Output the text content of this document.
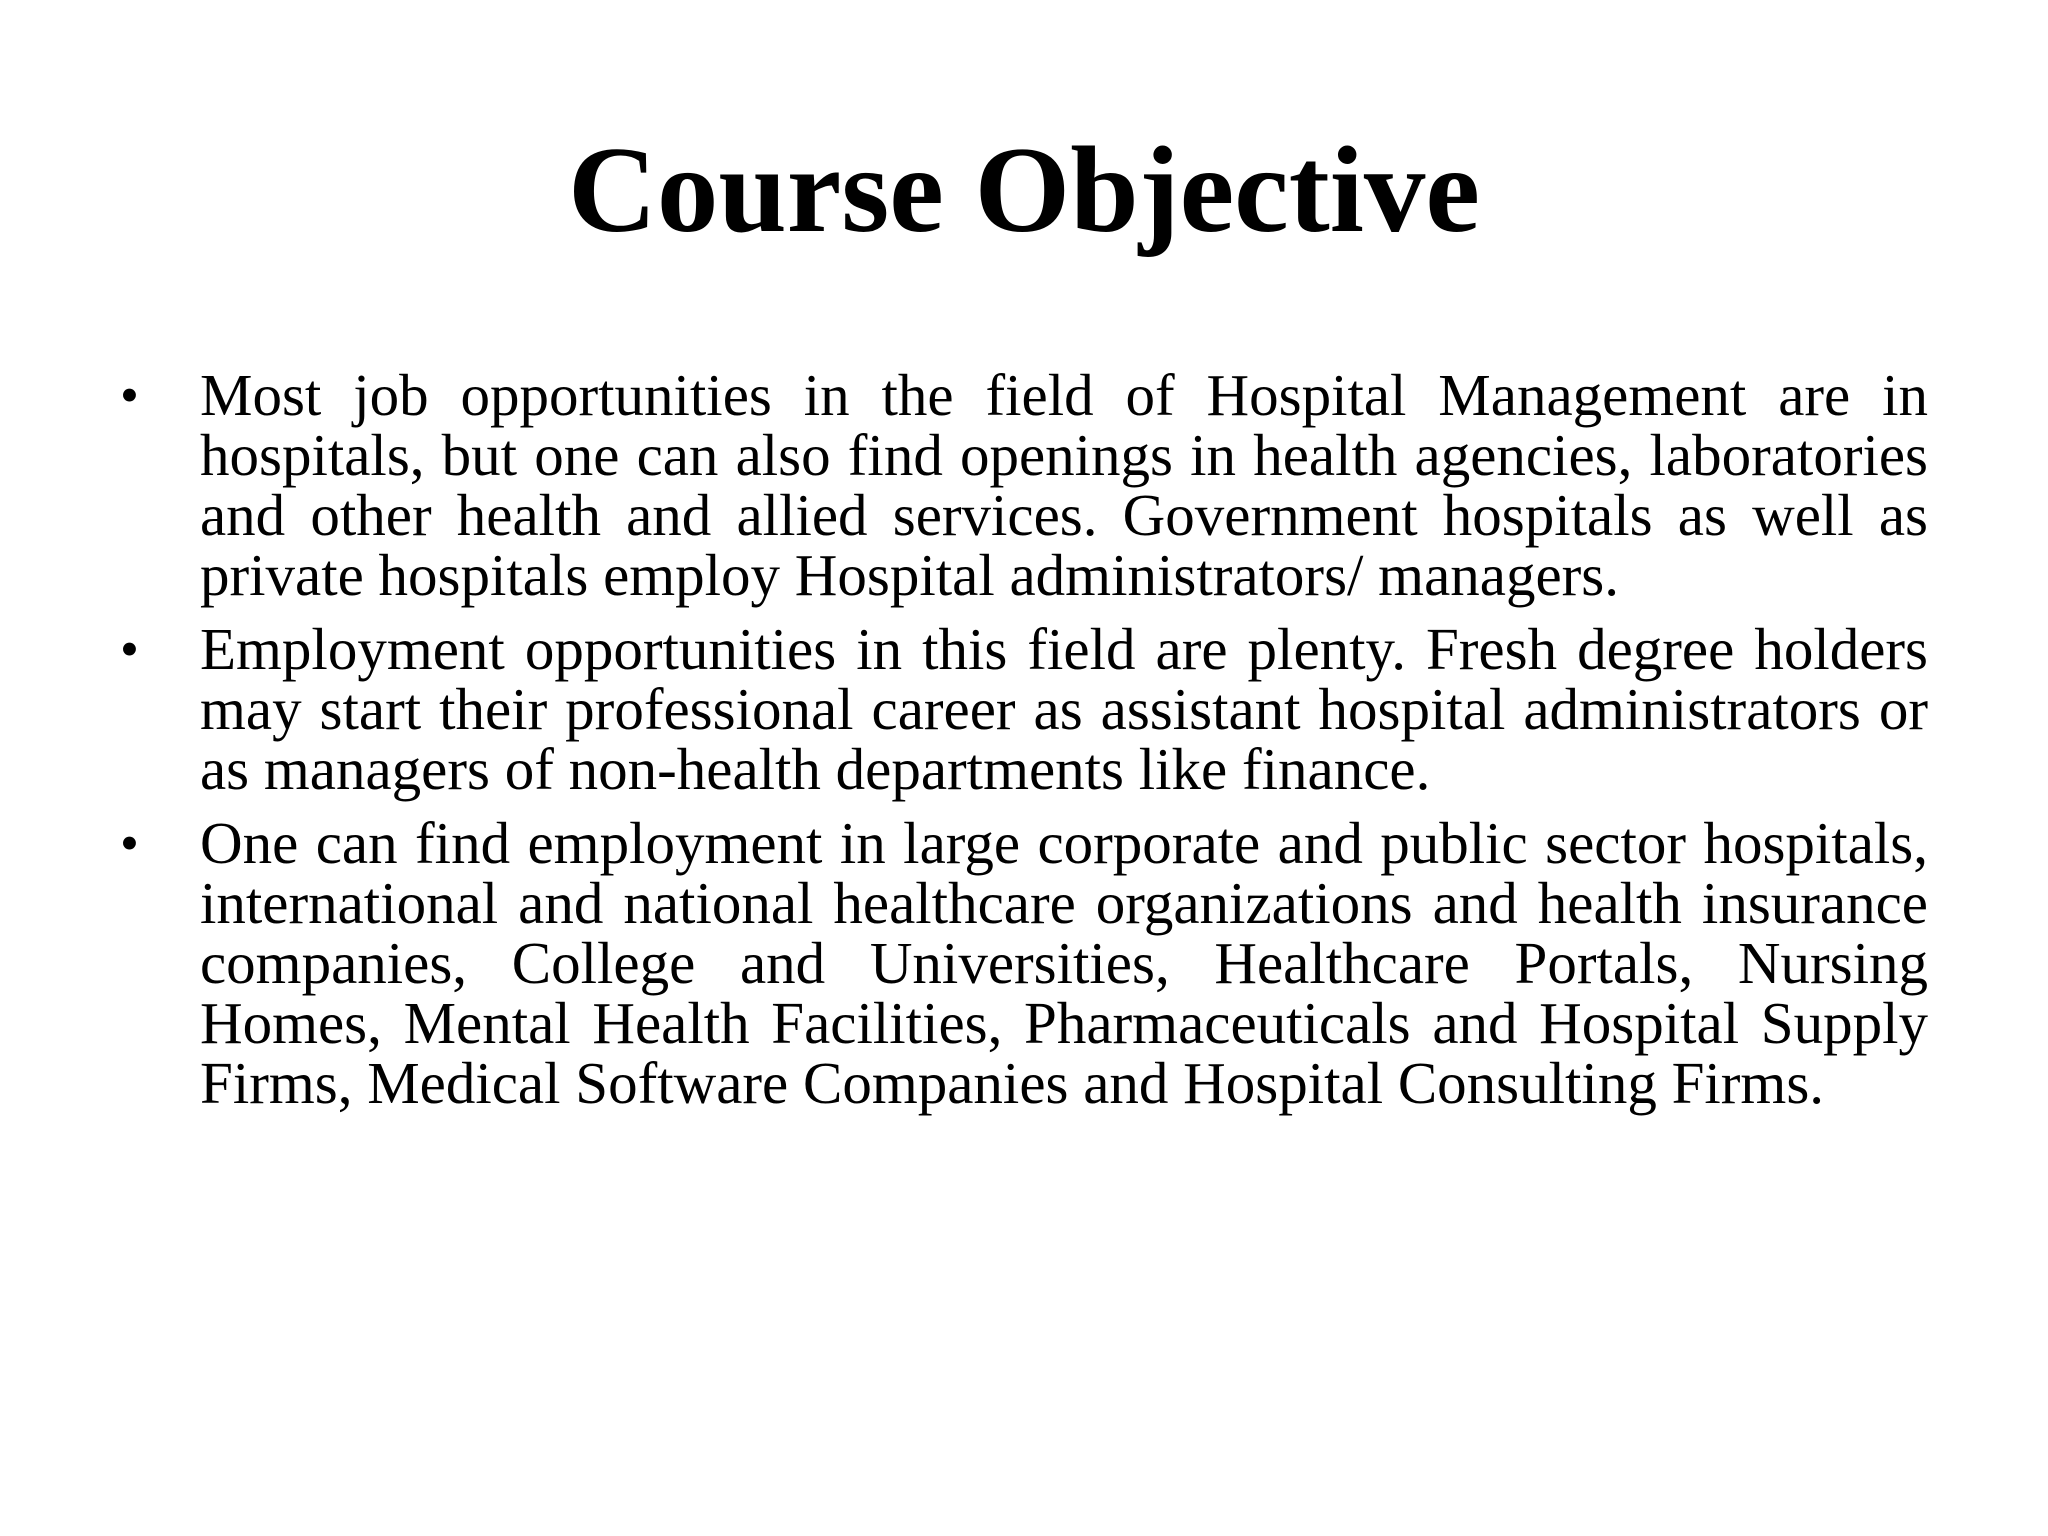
Course Objective
• Most job opportunities in the field of Hospital Management are in hospitals, but one can also find openings in health agencies, laboratories and other health and allied services. Government hospitals as well as private hospitals employ Hospital administrators/ managers.
• Employment opportunities in this field are plenty. Fresh degree holders may start their professional career as assistant hospital administrators or as managers of non-health departments like finance.
• One can find employment in large corporate and public sector hospitals, international and national healthcare organizations and health insurance companies, College and Universities, Healthcare Portals, Nursing Homes, Mental Health Facilities, Pharmaceuticals and Hospital Supply Firms, Medical Software Companies and Hospital Consulting Firms.
